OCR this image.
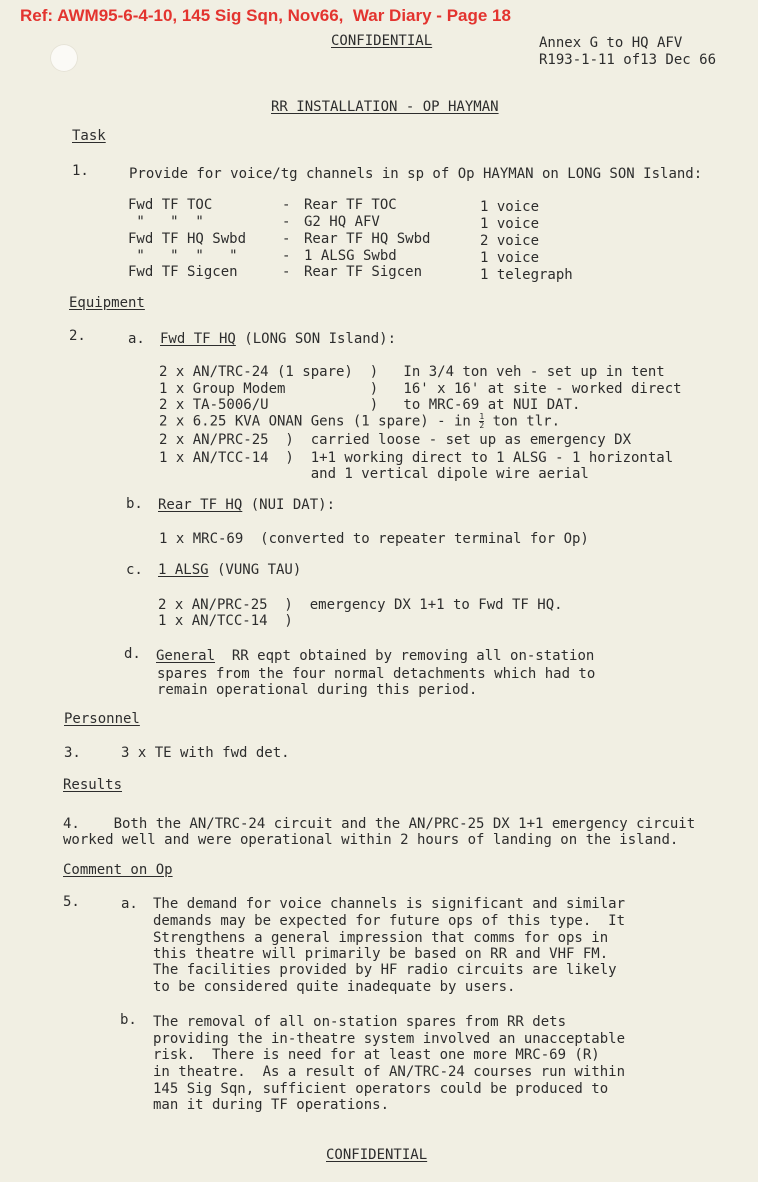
Ref: AWM95-6-4-10, 145 Sig Sqn, Nov66,  War Diary - Page 18
CONFIDENTIAL	Annex G to HQ AFV
R193-1-11 of13 Dec 66
RR INSTALLATION - OP HAYMAN
Task
1.	Provide for voice/tg channels in sp of Op HAYMAN on LONG SON Island:
Fwd TF TOC	- Rear TF TOC	1 voice
"   "  "	- G2 HQ AFV	1 voice
Fwd TF HQ Swbd	- Rear TF HQ Swbd	2 voice
"   "  "   "	- 1 ALSG Swbd	1 voice
Fwd TF Sigcen	- Rear TF Sigcen	1 telegraph
Equipment
2.	a. Fwd TF HQ (LONG SON Island):
2 x AN/TRC-24 (1 spare)  )   In 3/4 ton veh - set up in tent
1 x Group Modem          )   16' x 16' at site - worked direct
2 x TA-5006/U            )   to MRC-69 at NUI DAT.
2 x 6.25 KVA ONAN Gens (1 spare) - in $\frac{1}{2}$ ton tlr.
2 x AN/PRC-25  )  carried loose - set up as emergency DX
1 x AN/TCC-14  )  1+1 working direct to 1 ALSG - 1 horizontal
and 1 vertical dipole wire aerial
b. Rear TF HQ (NUI DAT):
1 x MRC-69  (converted to repeater terminal for Op)
c. 1 ALSG (VUNG TAU)
2 x AN/PRC-25  )  emergency DX 1+1 to Fwd TF HQ.
1 x AN/TCC-14  )
d. General  RR eqpt obtained by removing all on-station
spares from the four normal detachments which had to
remain operational during this period.
Personnel
3.	3 x TE with fwd det.
Results
4.    Both the AN/TRC-24 circuit and the AN/PRC-25 DX 1+1 emergency circuit
worked well and were operational within 2 hours of landing on the island.
Comment on Op
5.	a. The demand for voice channels is significant and similar
demands may be expected for future ops of this type.  It
Strengthens a general impression that comms for ops in
this theatre will primarily be based on RR and VHF FM.
The facilities provided by HF radio circuits are likely
to be considered quite inadequate by users.
b. The removal of all on-station spares from RR dets
providing the in-theatre system involved an unacceptable
risk.  There is need for at least one more MRC-69 (R)
in theatre.  As a result of AN/TRC-24 courses run within
145 Sig Sqn, sufficient operators could be produced to
man it during TF operations.
CONFIDENTIAL
